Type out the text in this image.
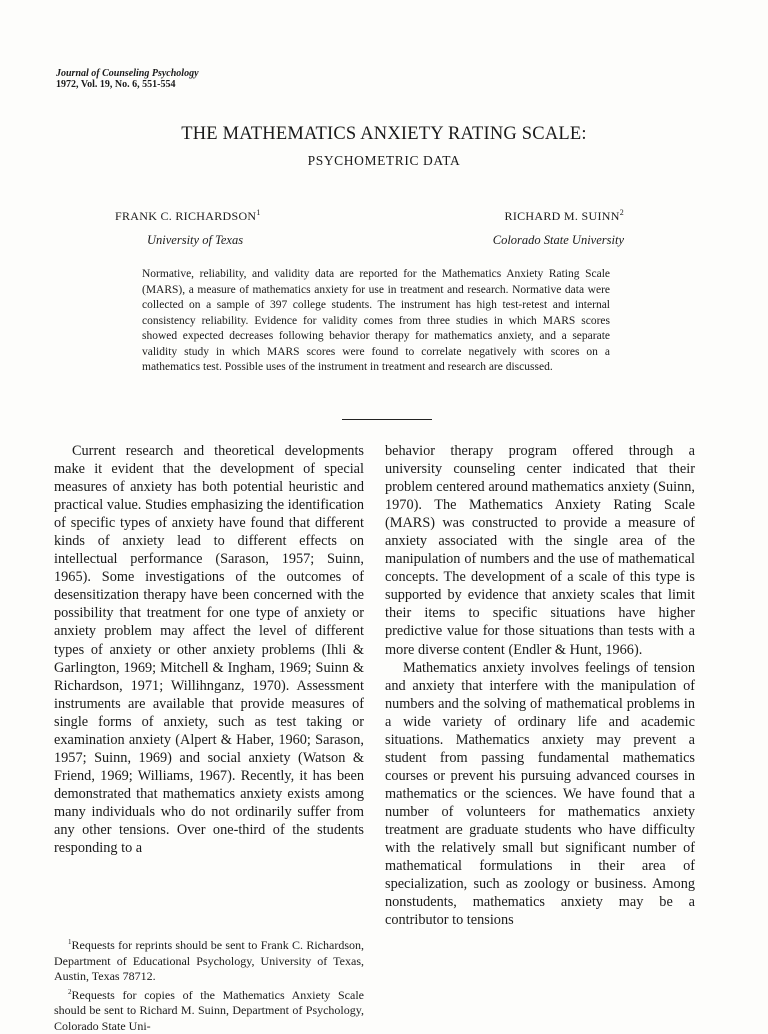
Journal of Counseling Psychology
1972, Vol. 19, No. 6, 551-554
THE MATHEMATICS ANXIETY RATING SCALE:
PSYCHOMETRIC DATA
FRANK C. RICHARDSON$^1$	RICHARD M. SUINN$^2$
University of Texas	Colorado State University
Normative, reliability, and validity data are reported for the Mathematics Anxiety Rating Scale (MARS), a measure of mathematics anxiety for use in treatment and research. Normative data were collected on a sample of 397 college students. The instrument has high test-retest and internal consistency reliability. Evidence for validity comes from three studies in which MARS scores showed expected decreases following behavior therapy for mathematics anxiety, and a separate validity study in which MARS scores were found to correlate negatively with scores on a mathematics test. Possible uses of the instrument in treatment and research are discussed.

Current research and theoretical developments make it evident that the development of special measures of anxiety has both potential heuristic and practical value. Studies emphasizing the identification of specific types of anxiety have found that different kinds of anxiety lead to different effects on intellectual performance (Sarason, 1957; Suinn, 1965). Some investigations of the outcomes of desensitization therapy have been concerned with the possibility that treatment for one type of anxiety or anxiety problem may affect the level of different types of anxiety or other anxiety problems (Ihli & Garlington, 1969; Mitchell & Ingham, 1969; Suinn & Richardson, 1971; Willihnganz, 1970). Assessment instruments are available that provide measures of single forms of anxiety, such as test taking or examination anxiety (Alpert & Haber, 1960; Sarason, 1957; Suinn, 1969) and social anxiety (Watson & Friend, 1969; Williams, 1967). Recently, it has been demonstrated that mathematics anxiety exists among many individuals who do not ordinarily suffer from any other tensions. Over one-third of the students responding to a

behavior therapy program offered through a university counseling center indicated that their problem centered around mathematics anxiety (Suinn, 1970). The Mathematics Anxiety Rating Scale (MARS) was constructed to provide a measure of anxiety associated with the single area of the manipulation of numbers and the use of mathematical concepts. The development of a scale of this type is supported by evidence that anxiety scales that limit their items to specific situations have higher predictive value for those situations than tests with a more diverse content (Endler & Hunt, 1966).

Mathematics anxiety involves feelings of tension and anxiety that interfere with the manipulation of numbers and the solving of mathematical problems in a wide variety of ordinary life and academic situations. Mathematics anxiety may prevent a student from passing fundamental mathematics courses or prevent his pursuing advanced courses in mathematics or the sciences. We have found that a number of volunteers for mathematics anxiety treatment are graduate students who have difficulty with the relatively small but significant number of mathematical formulations in their area of specialization, such as zoology or business. Among nonstudents, mathematics anxiety may be a contributor to tensions

$^1$Requests for reprints should be sent to Frank C. Richardson, Department of Educational Psychology, University of Texas, Austin, Texas 78712.

$^2$Requests for copies of the Mathematics Anxiety Scale should be sent to Richard M. Suinn, Department of Psychology, Colorado State Uni-
